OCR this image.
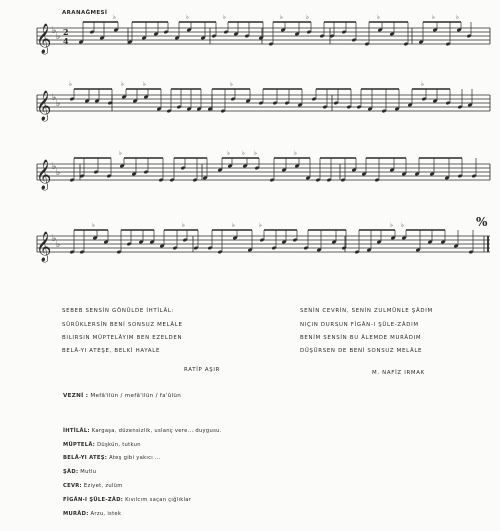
𝄞
𝄞
𝄞
𝄞
♭
♭
♭
♭
♭
♭
♭
♭
2
4
ARANAĞMESİ
%
♭	♭	♭	♭	♭	♭	♭	♭
♭	♭	♭	♭	♭
♭	♭ ♭ ♭	♭
♭	♭	♭	♭	♭ ♭
SEBEB SENSİN GÖNÜLDE İHTİLÂL:
SÜRÜKLERSİN BENİ SONSUZ MELÂLE
BILIRSIN MÜPTELÂYIM BEN EZELDEN
BELÂ-YI ATEŞE, BELKİ HAYALE
SENİN CEVRİN, SENİN ZULMÜNLE ŞÂDIM
NIÇIN DURSUN FİGÂN-I ŞÜLE-ZÂDIM
BENİM SENSİN BU ÂLEMDE MURÂDIM
DÜŞÜRSEN DE BENİ SONSUZ MELÂLE
RATİP AŞIR	M. NAFİZ IRMAK
VEZNİ : Mefâ'ilün / mefâ'ilün / fa'ûlün
İHTİLÂL: Kargaşa, düzensizlik, uslanç vere... duygusu.
MÜPTELÂ: Düşkün, tutkun
BELÂ-YI ATEŞ: Ateş gibi yakıcı ...
ŞÂD: Mutlu
CEVR: Eziyet, zulüm
FİGÂN-I ŞÜLE-ZÂD: Kıvılcım saçan çığlıklar
MURÂD: Arzu, istek
